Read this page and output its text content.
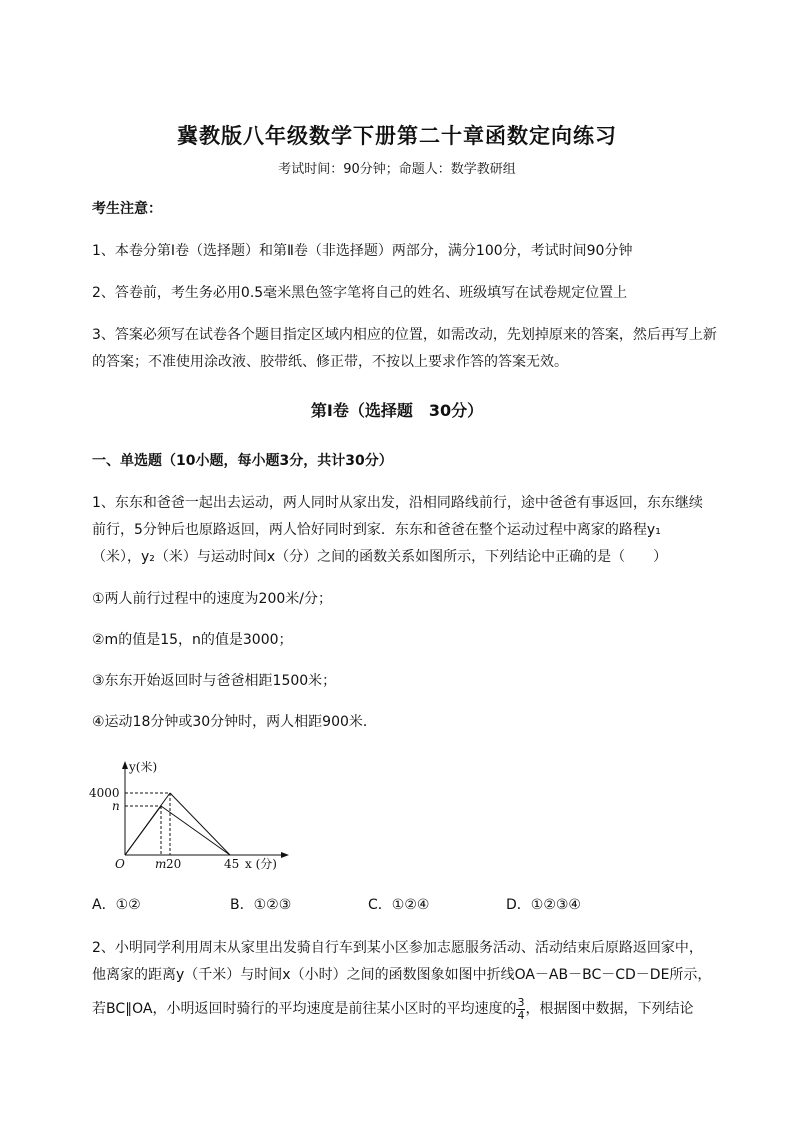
冀教版八年级数学下册第二十章函数定向练习
考试时间：90分钟；命题人：数学教研组
考生注意：
1、本卷分第Ⅰ卷（选择题）和第Ⅱ卷（非选择题）两部分，满分100分，考试时间90分钟
2、答卷前，考生务必用0.5毫米黑色签字笔将自己的姓名、班级填写在试卷规定位置上
3、答案必须写在试卷各个题目指定区域内相应的位置，如需改动，先划掉原来的答案，然后再写上新
的答案；不准使用涂改液、胶带纸、修正带，不按以上要求作答的答案无效。
第Ⅰ卷（选择题　30分）
一、单选题（10小题，每小题3分，共计30分）
1、东东和爸爸一起出去运动，两人同时从家出发，沿相同路线前行，途中爸爸有事返回，东东继续
前行，5分钟后也原路返回，两人恰好同时到家．东东和爸爸在整个运动过程中离家的路程y₁
（米），y₂（米）与运动时间x（分）之间的函数关系如图所示，下列结论中正确的是（　　）
①两人前行过程中的速度为200米/分；
②m的值是15，n的值是3000；
③东东开始返回时与爸爸相距1500米；
④运动18分钟或30分钟时，两人相距900米．
y(米)
4000
n
O	m 20	45 x (分)
A．①②	B．①②③	C．①②④	D．①②③④
2、小明同学利用周末从家里出发骑自行车到某小区参加志愿服务活动、活动结束后原路返回家中，
他离家的距离y（千米）与时间x（小时）之间的函数图象如图中折线OA－AB－BC－CD－DE所示，
若BC∥OA，小明返回时骑行的平均速度是前往某小区时的平均速度的 $\frac{3}{4}$ ，根据图中数据，下列结论
